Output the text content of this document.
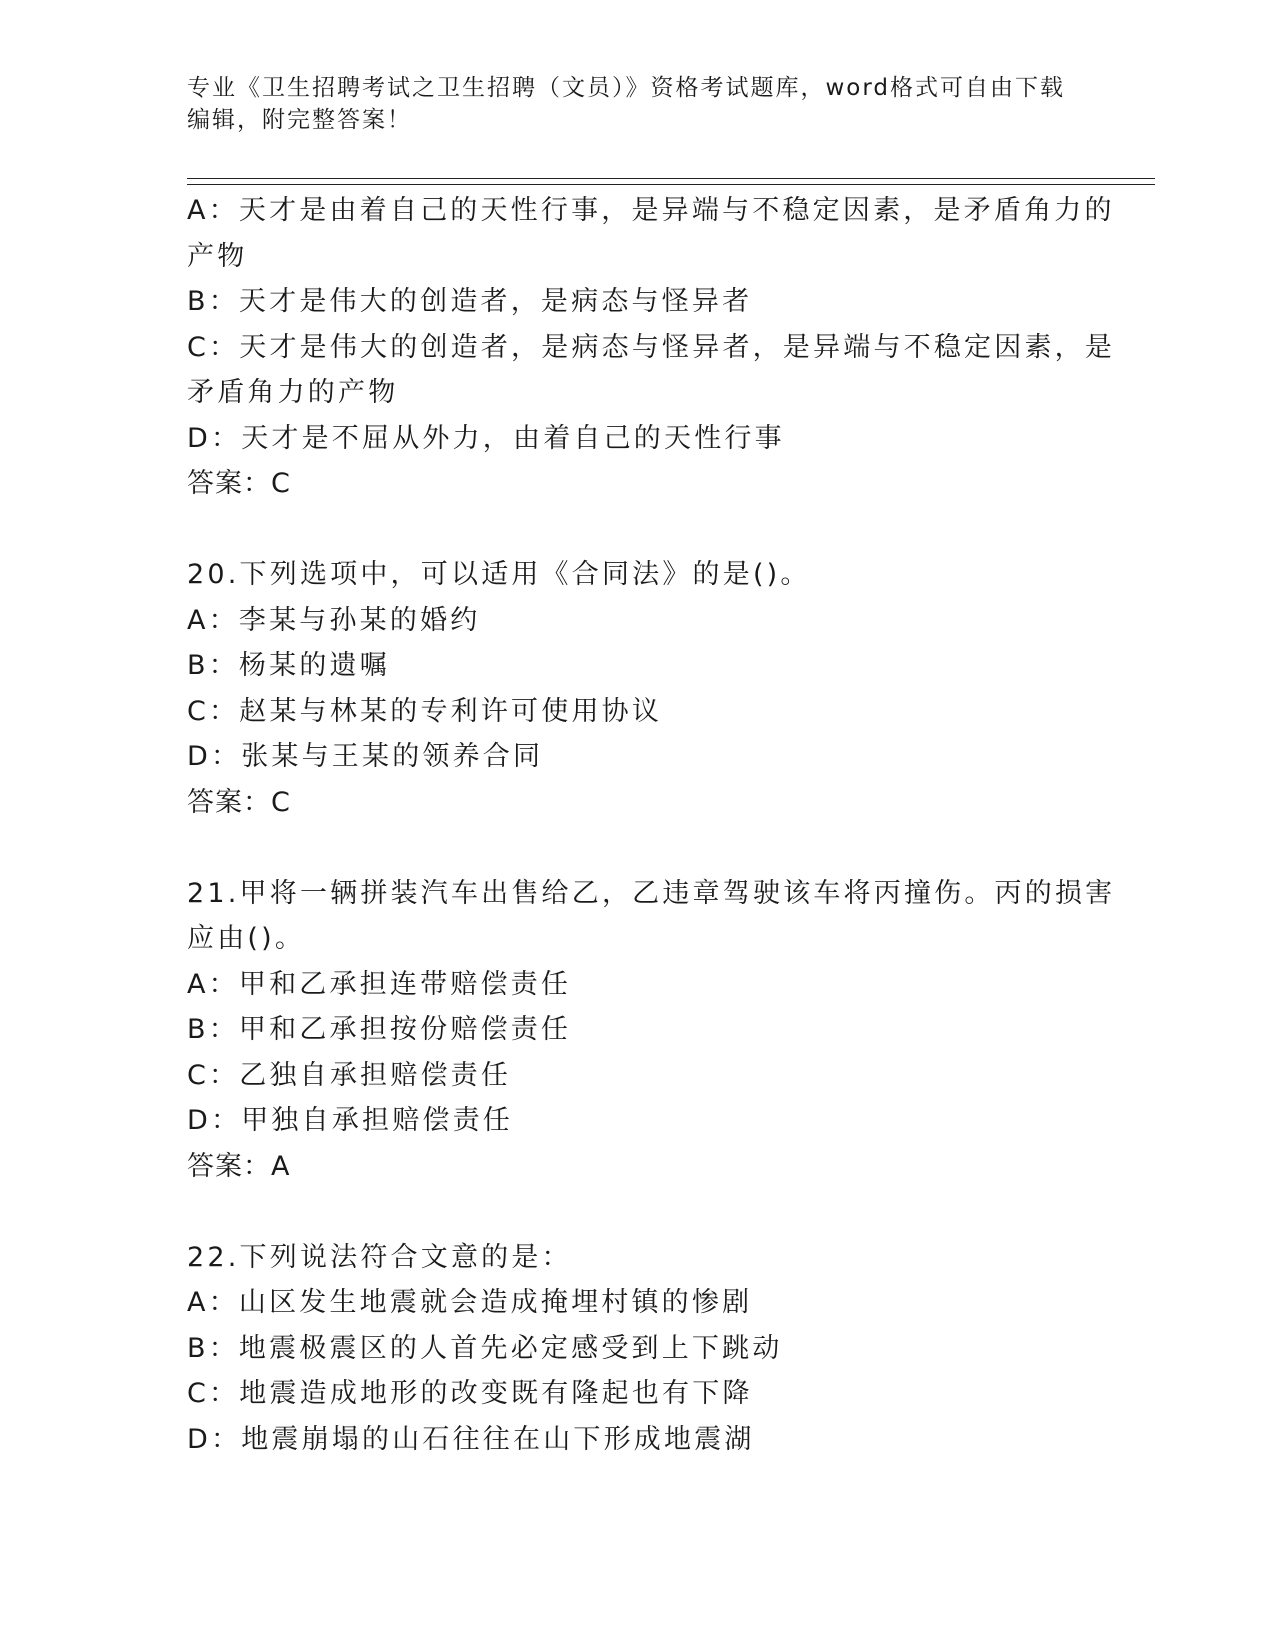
专业《卫生招聘考试之卫生招聘（文员）》资格考试题库，word格式可自由下载
编辑，附完整答案！
A：天才是由着自己的天性行事，是异端与不稳定因素，是矛盾角力的
产物
B：天才是伟大的创造者，是病态与怪异者
C：天才是伟大的创造者，是病态与怪异者，是异端与不稳定因素，是
矛盾角力的产物
D：天才是不屈从外力，由着自己的天性行事
答案：C
20.下列选项中，可以适用《合同法》的是()。
A：李某与孙某的婚约
B：杨某的遗嘱
C：赵某与林某的专利许可使用协议
D：张某与王某的领养合同
答案：C
21.甲将一辆拼装汽车出售给乙，乙违章驾驶该车将丙撞伤。丙的损害
应由()。
A：甲和乙承担连带赔偿责任
B：甲和乙承担按份赔偿责任
C：乙独自承担赔偿责任
D：甲独自承担赔偿责任
答案：A
22.下列说法符合文意的是：
A：山区发生地震就会造成掩埋村镇的惨剧
B：地震极震区的人首先必定感受到上下跳动
C：地震造成地形的改变既有隆起也有下降
D：地震崩塌的山石往往在山下形成地震湖
